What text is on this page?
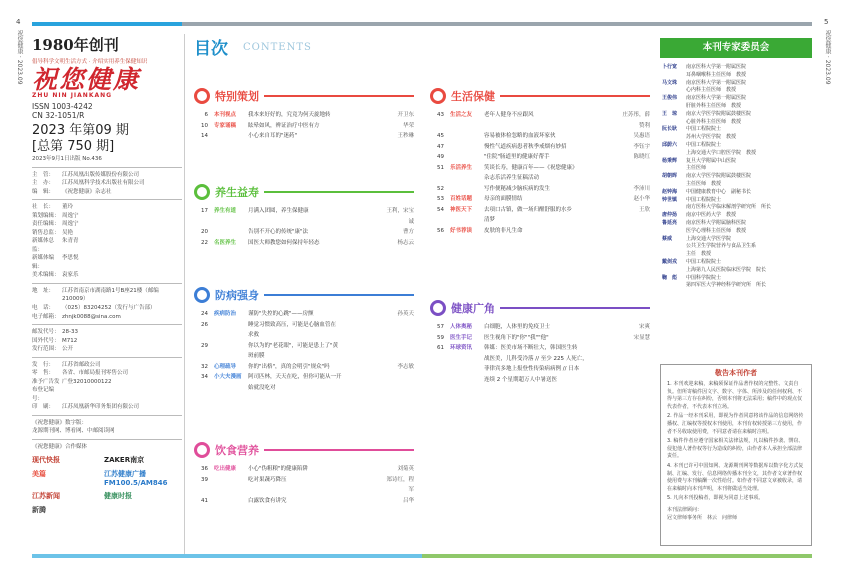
4
祝您健康 · 2023.09
5
祝您健康 · 2023.09
1980年创刊
倡导科学文明生活方式 · 介绍实用养生保健知识
祝您健康
ZHU NIN JIANKANG
ISSN 1003-4242
CN 32-1051/R
2023 年第09 期
[总第 750 期]
2023年9月1日出版 No.436
主　管：	江苏凤凰出版传媒股份有限公司
主　办：	江苏凤凰科学技术出版社有限公司
编　辑：	《祝您健康》杂志社
社　长：	董玲
策划编辑： 周逸宁
责任编辑： 周逸宁
销售总监： 吴艳
新媒体总监：
朱青青
新媒体编辑：
李思悦
美术编辑： 袁家乐
地　址：	江苏省南京市湖南路1号B座21楼（邮编210009）
电　话：	（025）83204252（发行与广告部）
电子邮箱： zhnjk0088@sina.com
邮发代号： 28-33
国外代号： M712
发行范围： 公开
发　行：	江苏省邮政公司
零　售：	各省、市邮局报刊零售公司
准予广告发布登记编号：
广登32010000122
印　刷：	江苏凤凰新华印务集团有限公司
《祝您健康》数字版：
龙源期刊网、博看网、中邮阅读网
《祝您健康》合作媒体
现代快报	ZAKER南京
美篇	江苏健康广播 FM100.5/AM846
江苏新闻	健康时报
新腾
目次 CONTENTS
特别策划
6	本刊视点	我本来好好的，究竟为何天旋地转	开卫东
10	专家诵稿	眩晕如风，辨证治疗中医有方	华荣
14	小心来自耳的"迷药"	王秒琳
养生益寿
17	养生有道	月满入团圆，养生保健康	王利，宋宝诚
20	告别不开心的传统"康"法	曹方
22	名医养生	国医大师教您如何保持年轻态	杨志云
防病强身
24	疾病防治	谨防"失控的心跳"——房颤	孙英天
26	睡觉习惯致高压，可能是心脑血管在
求救
29	你以为的"老花眼"，可能是患上了"黄
斑前膜
32	心理疏导	你的"出格"，真的会明引"规众"吗	李志敏
34	小大夫漫画	阿司匹林，天天在吃，但你可能从一开
始就没吃对
饮食营养
36	吃出健康	小心"伪粗粮"的健康陷阱	刘菊英
39	吃对果蔬巧降压	郑诗红，程军
41	白露饮食有讲究	吕华
生活保健
43	生活之友	老年人健身不应跟风	庄苏彤，薛赞利
45	容易被体检忽略的血液坏家伙	吴惠语
47	慢性气道疾病患者秋季戒烟有妙招	李钰宇
49	"住院"肠道里的健康好帮手	陈晓红
51	乐活养生	笑谈长寿，健康百年——《祝您健康》
杂志乐活养生征稿活动
52	写作便秘减少脑疾病的发生	李沛川
53	百姓话题	母亲的面膜情结	赵小华
54	神医天下	去项口古镇，做一场归醒舒服的水乡	王欣
清梦
56	好书荐读	皮肤的非凡生命
健康广角
57	人体奥秘	白细胞，人体里的免疫卫士	宋爽
59	医生手记	医生视角下的"你""我""他"	宋显慧
61	环球资讯	韩媒：医美市场不断壮大，韩国医生转
战医美，儿科受冷落 // 至少 225 人死亡，
菲律宾多地上报登性传染病病例 // 日本
连续 2 个星期超万人中暑送医
本刊专家委员会
卜行宽	南京医科大学第一附属医院
耳鼻咽喉科主任医师　教授
马文珠	南京医科大学第一附属医院
心内科主任医师　教授
王俊伟	南京医科大学第一附属医院
肝脏外科主任医师　教授
王　琼	南京大学医学院附属鼓楼医院
心脏外科主任医师　教授
阮长耿	中国工程院院士
苏州大学医学院　教授
邱蔚六	中国工程院院士
上海交通大学口腔医学院　教授
杨秉辉	复旦大学附属中山医院
主任医师
胡朝晖	南京大学医学院附属鼓楼医院
主任医师　教授
赵钟海	中国健康教育中心　副秘书长
钟世镇	中国工程院院士
南方医科大学临床解剖学研究所　所长
唐仲扬	南京中医药大学　教授
鲁延亮	南京医科大学附属脑科医院
医学心理科主任医师　教授
蔡威	上海交通大学医学院
公共卫生学院营养与食品卫生系
主任　教授
戴剑戎	中国工程院院士
上海第九人民医院临床医学院　院长
鞠　彪	中国科学院院士
第四军医大学神经科学研究所　所长
敬告本刊作者

1. 本刊欢迎来稿，来稿须保证作品著作权的完整性、文责自负。但所寄稿件因文字、数字、字体、所涉及的任何权利、不得与第三方存在纠纷，否则本刊将无法采用；稿件中的观点仅代表作者，不代表本刊立场。

2. 作品一经本刊采用，即视为作者同意将该作品的信息网络传播权、汇编权等授权本刊使用，本刊有权转授第三方使用，作者不另收取使用费，不同意者请在来稿时注明。

3. 稿件作者应遵守国家相关法律法规，凡以稿件抄袭、剽窃、侵犯他人著作权等行为造成的纠纷，由作者本人承担全部法律责任。

4. 本刊已许可中国知网、龙源期刊网等数据库以数字化方式复制、汇编、发行、信息网络传播本刊全文，其作者文章著作权使用费与本刊稿酬一次性给付。如作者不同意文章被收录，请在来稿时向本刊声明，本刊将做适当处理。

5. 凡向本刊投稿者，即视为同意上述事项。

本刊法律顾问：
冠文律师事务所　林云　问律师
